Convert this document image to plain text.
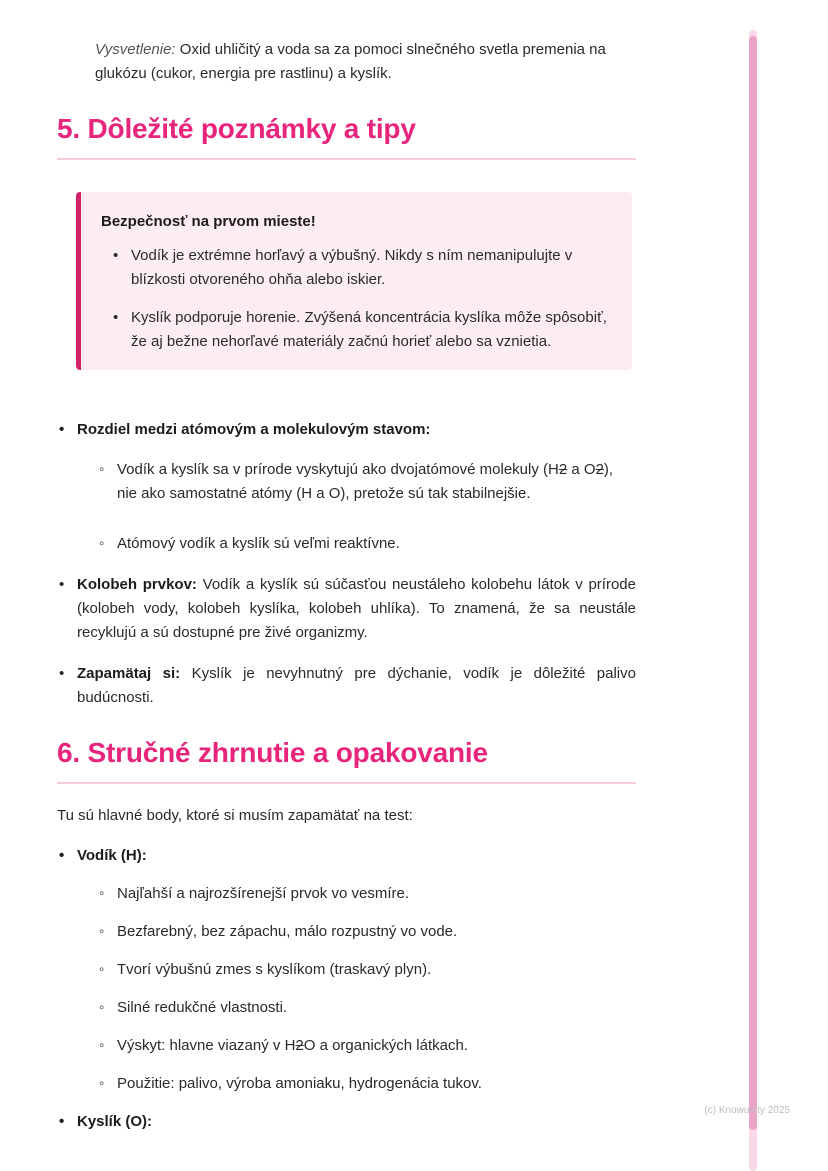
Vysvetlenie: Oxid uhličitý a voda sa za pomoci slnečného svetla premenia na glukózu (cukor, energia pre rastlinu) a kyslík.

5. Dôležité poznámky a tipy

Bezpečnosť na prvom mieste!

• Vodík je extrémne horľavý a výbušný. Nikdy s ním nemanipulujte v blízkosti otvoreného ohňa alebo iskier.
• Kyslík podporuje horenie. Zvýšená koncentrácia kyslíka môže spôsobiť, že aj bežne nehorľavé materiály začnú horieť alebo sa vznietia.
• Rozdiel medzi atómovým a molekulovým stavom:
◦ Vodík a kyslík sa v prírode vyskytujú ako dvojatómové molekuly (H2 a O2), nie ako samostatné atómy (H a O), pretože sú tak stabilnejšie.
◦ Atómový vodík a kyslík sú veľmi reaktívne.
• Kolobeh prvkov: Vodík a kyslík sú súčasťou neustáleho kolobehu látok v prírode (kolobeh vody, kolobeh kyslíka, kolobeh uhlíka). To znamená, že sa neustále recyklujú a sú dostupné pre živé organizmy.
• Zapamätaj si: Kyslík je nevyhnutný pre dýchanie, vodík je dôležité palivo budúcnosti.
6. Stručné zhrnutie a opakovanie

Tu sú hlavné body, ktoré si musím zapamätať na test:

• Vodík (H):
◦ Najľahší a najrozšírenejší prvok vo vesmíre.
◦ Bezfarebný, bez zápachu, málo rozpustný vo vode.
◦ Tvorí výbušnú zmes s kyslíkom (traskavý plyn).
◦ Silné redukčné vlastnosti.
◦ Výskyt: hlavne viazaný v H2O a organických látkach.
◦ Použitie: palivo, výroba amoniaku, hydrogenácia tukov.
• Kyslík (O):
(c) Knowunity 2025
